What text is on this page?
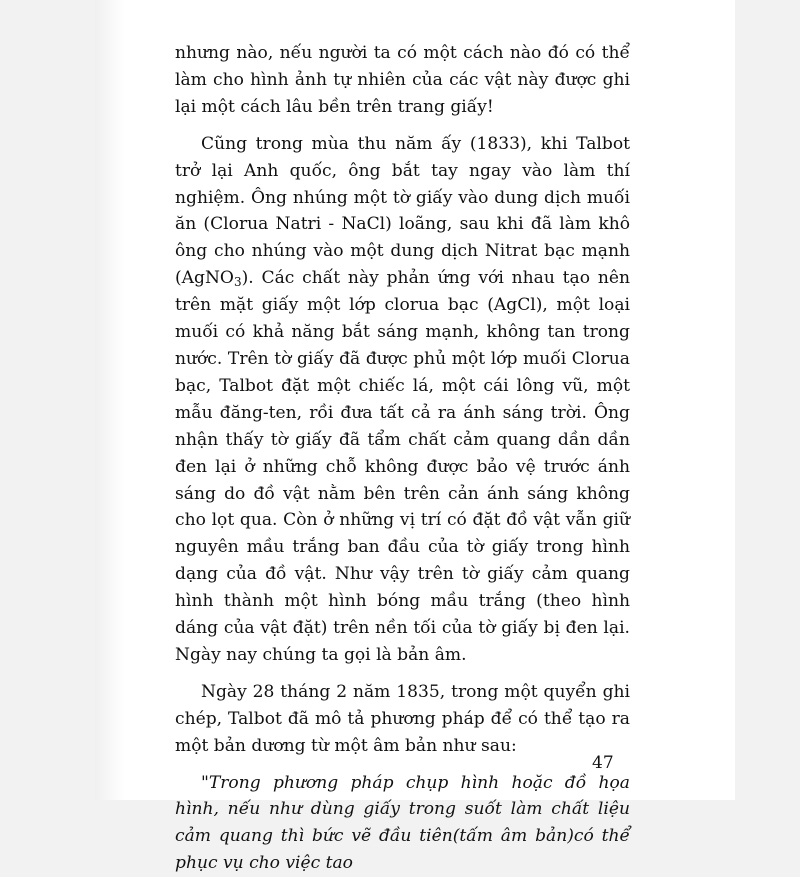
nhưng nào, nếu người ta có một cách nào đó có thể làm cho hình ảnh tự nhiên của các vật này được ghi lại một cách lâu bền trên trang giấy!

Cũng trong mùa thu năm ấy (1833), khi Talbot trở lại Anh quốc, ông bắt tay ngay vào làm thí nghiệm. Ông nhúng một tờ giấy vào dung dịch muối ăn (Clorua Natri - NaCl) loãng, sau khi đã làm khô ông cho nhúng vào một dung dịch Nitrat bạc mạnh (AgNO$_3$). Các chất này phản ứng với nhau tạo nên trên mặt giấy một lớp clorua bạc (AgCl), một loại muối có khả năng bắt sáng mạnh, không tan trong nước. Trên tờ giấy đã được phủ một lớp muối Clorua bạc, Talbot đặt một chiếc lá, một cái lông vũ, một mẫu đăng-ten, rồi đưa tất cả ra ánh sáng trời. Ông nhận thấy tờ giấy đã tẩm chất cảm quang dần dần đen lại ở những chỗ không được bảo vệ trước ánh sáng do đồ vật nằm bên trên cản ánh sáng không cho lọt qua. Còn ở những vị trí có đặt đồ vật vẫn giữ nguyên mầu trắng ban đầu của tờ giấy trong hình dạng của đồ vật. Như vậy trên tờ giấy cảm quang hình thành một hình bóng mầu trắng (theo hình dáng của vật đặt) trên nền tối của tờ giấy bị đen lại. Ngày nay chúng ta gọi là bản âm.

Ngày 28 tháng 2 năm 1835, trong một quyển ghi chép, Talbot đã mô tả phương pháp để có thể tạo ra một bản dương từ một âm bản như sau:

"Trong phương pháp chụp hình hoặc đồ họa hình, nếu như dùng giấy trong suốt làm chất liệu cảm quang thì bức vẽ đầu tiên(tấm âm bản)có thể phục vụ cho việc tao

47
